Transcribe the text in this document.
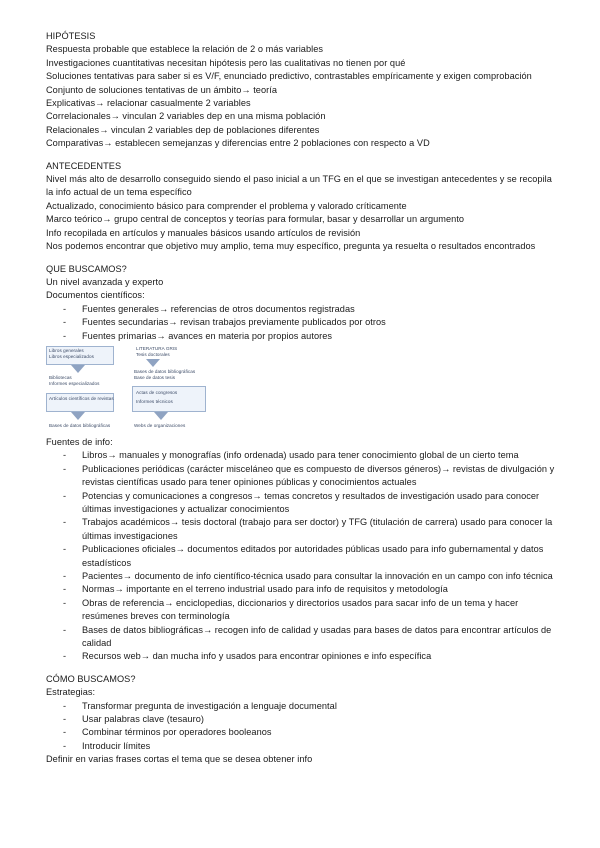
HIPÓTESIS

Respuesta probable que establece la relación de 2 o más variables

Investigaciones cuantitativas necesitan hipótesis pero las cualitativas no tienen por qué

Soluciones tentativas para saber si es V/F, enunciado predictivo, contrastables empíricamente y exigen comprobación

Conjunto de soluciones tentativas de un ámbito→ teoría

Explicativas→ relacionar casualmente 2 variables

Correlacionales→ vinculan 2 variables dep en una misma población

Relacionales→ vinculan 2 variables dep de poblaciones diferentes

Comparativas→ establecen semejanzas y diferencias entre 2 poblaciones con respecto a VD

ANTECEDENTES

Nivel más alto de desarrollo conseguido siendo el paso inicial a un TFG en el que se investigan antecedentes y se recopila la info actual de un tema específico

Actualizado, conocimiento básico para comprender el problema y valorado críticamente

Marco teórico→ grupo central de conceptos y teorías para formular, basar y desarrollar un argumento

Info recopilada en artículos y manuales básicos usando artículos de revisión

Nos podemos encontrar que objetivo muy amplio, tema muy específico, pregunta ya resuelta o resultados encontrados

QUE BUSCAMOS?

Un nivel avanzada y experto

Documentos científicos:

- Fuentes generales→ referencias de otros documentos registradas
- Fuentes secundarias→ revisan trabajos previamente publicados por otros
- Fuentes primarias→ avances en materia por propios autores
Libros generales
Libros especializados
Bibliotecas
Informes especializados
Artículos científicos de revistas
Bases de datos bibliográficas
LITERATURA GRIS
Tesis doctorales
Bases de datos bibliográficas
Base de datos tesis
Actas de congresos
Informes técnicos
Webs de organizaciones

Fuentes de info:

- Libros→ manuales y monografías (info ordenada) usado para tener conocimiento global de un cierto tema
- Publicaciones periódicas (carácter misceláneo que es compuesto de diversos géneros)→ revistas de divulgación y revistas científicas usado para tener opiniones públicas y conocimientos actuales
- Potencias y comunicaciones a congresos→ temas concretos y resultados de investigación usado para conocer últimas investigaciones y actualizar conocimientos
- Trabajos académicos→ tesis doctoral (trabajo para ser doctor) y TFG (titulación de carrera) usado para conocer la últimas investigaciones
- Publicaciones oficiales→ documentos editados por autoridades públicas usado para info gubernamental y datos estadísticos
- Pacientes→ documento de info científico-técnica usado para consultar la innovación en un campo con info técnica
- Normas→ importante en el terreno industrial usado para info de requisitos y metodología
- Obras de referencia→ enciclopedias, diccionarios y directorios usados para sacar info de un tema y hacer resúmenes breves con terminología
- Bases de datos bibliográficas→ recogen info de calidad y usadas para bases de datos para encontrar artículos de calidad
- Recursos web→ dan mucha info y usados para encontrar opiniones e info específica

CÓMO BUSCAMOS?

Estrategias:

- Transformar pregunta de investigación a lenguaje documental
- Usar palabras clave (tesauro)
- Combinar términos por operadores booleanos
- Introducir límites

Definir en varias frases cortas el tema que se desea obtener info
